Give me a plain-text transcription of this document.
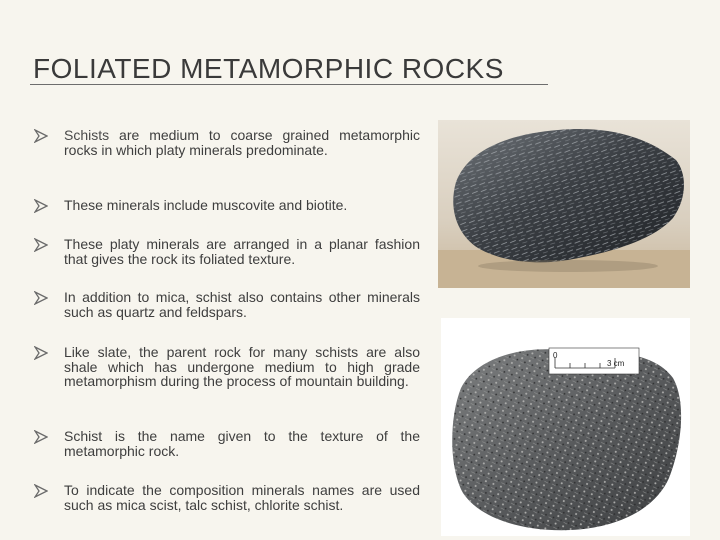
FOLIATED METAMORPHIC ROCKS
Schists are medium to coarse grained metamorphic rocks in which platy minerals predominate.
These minerals include muscovite and biotite.
These platy minerals are arranged in a planar fashion that gives the rock its foliated texture.
In addition to mica, schist also contains other minerals such as quartz and feldspars.
Like slate, the parent rock for many schists are also shale which has undergone medium to high grade metamorphism during the process of mountain building.
Schist is the name given to the texture of the metamorphic rock.
To indicate the composition minerals names are used such as mica scist, talc schist, chlorite schist.
0
3 cm
